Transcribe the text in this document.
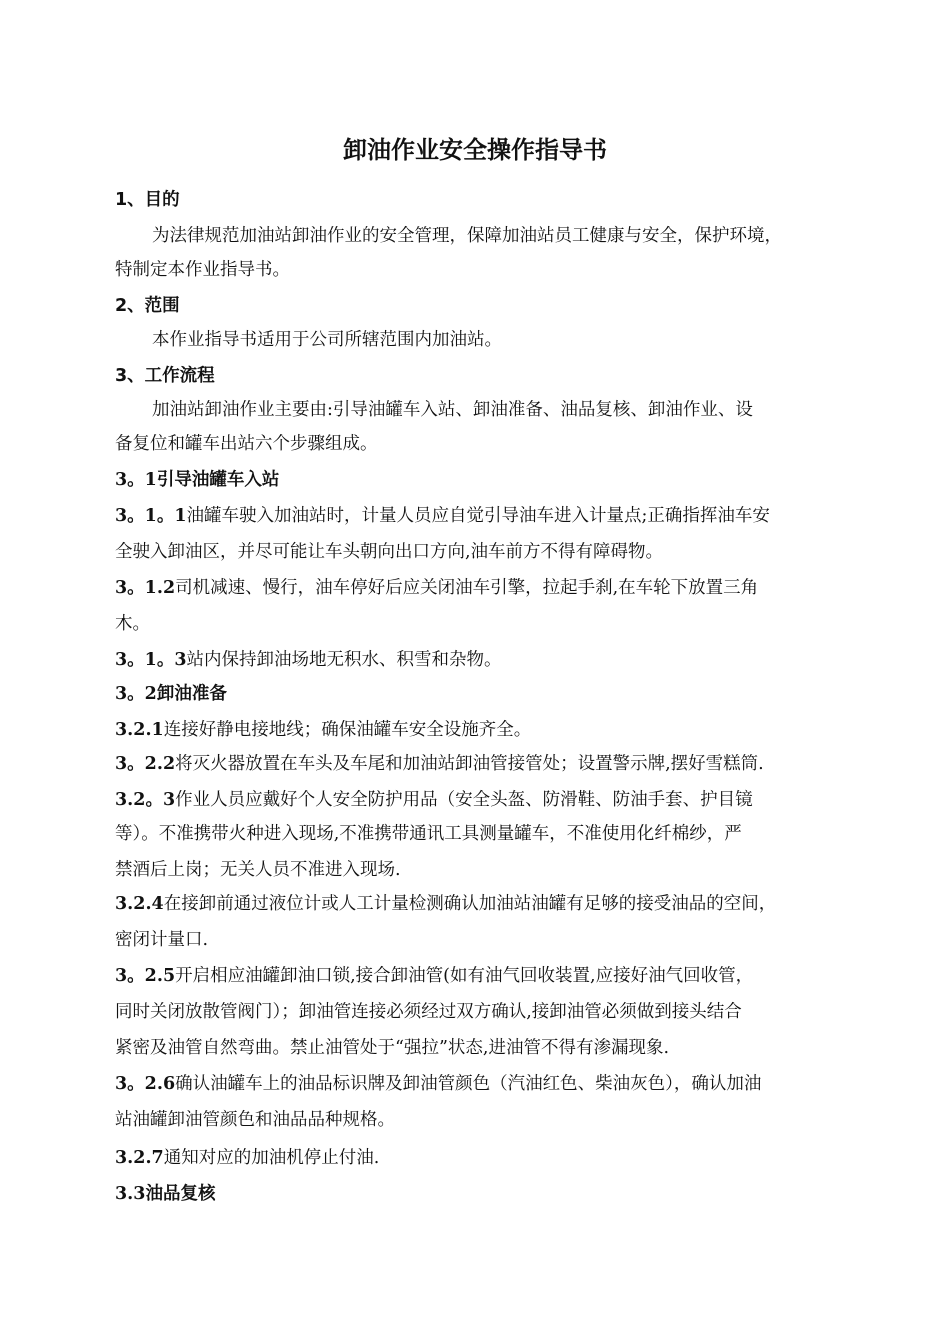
卸油作业安全操作指导书
1、目的
为法律规范加油站卸油作业的安全管理，保障加油站员工健康与安全，保护环境，
特制定本作业指导书。
2、范围
本作业指导书适用于公司所辖范围内加油站。
3、工作流程
加油站卸油作业主要由:引导油罐车入站、卸油准备、油品复核、卸油作业、设
备复位和罐车出站六个步骤组成。
3。1引导油罐车入站
3。1。1油罐车驶入加油站时，计量人员应自觉引导油车进入计量点;正确指挥油车安
全驶入卸油区，并尽可能让车头朝向出口方向,油车前方不得有障碍物。
3。1.2司机减速、慢行，油车停好后应关闭油车引擎，拉起手刹,在车轮下放置三角
木。
3。1。3站内保持卸油场地无积水、积雪和杂物。
3。2卸油准备
3.2.1连接好静电接地线；确保油罐车安全设施齐全。
3。2.2将灭火器放置在车头及车尾和加油站卸油管接管处；设置警示牌,摆好雪糕筒.
3.2。3作业人员应戴好个人安全防护用品（安全头盔、防滑鞋、防油手套、护目镜
等）。不准携带火种进入现场,不准携带通讯工具测量罐车，不准使用化纤棉纱，严
禁酒后上岗；无关人员不准进入现场.
3.2.4在接卸前通过液位计或人工计量检测确认加油站油罐有足够的接受油品的空间，
密闭计量口.
3。2.5开启相应油罐卸油口锁,接合卸油管(如有油气回收装置,应接好油气回收管，
同时关闭放散管阀门）；卸油管连接必须经过双方确认,接卸油管必须做到接头结合
紧密及油管自然弯曲。禁止油管处于“强拉”状态,进油管不得有渗漏现象.
3。2.6确认油罐车上的油品标识牌及卸油管颜色（汽油红色、柴油灰色），确认加油
站油罐卸油管颜色和油品品种规格。
3.2.7通知对应的加油机停止付油.
3.3油品复核
